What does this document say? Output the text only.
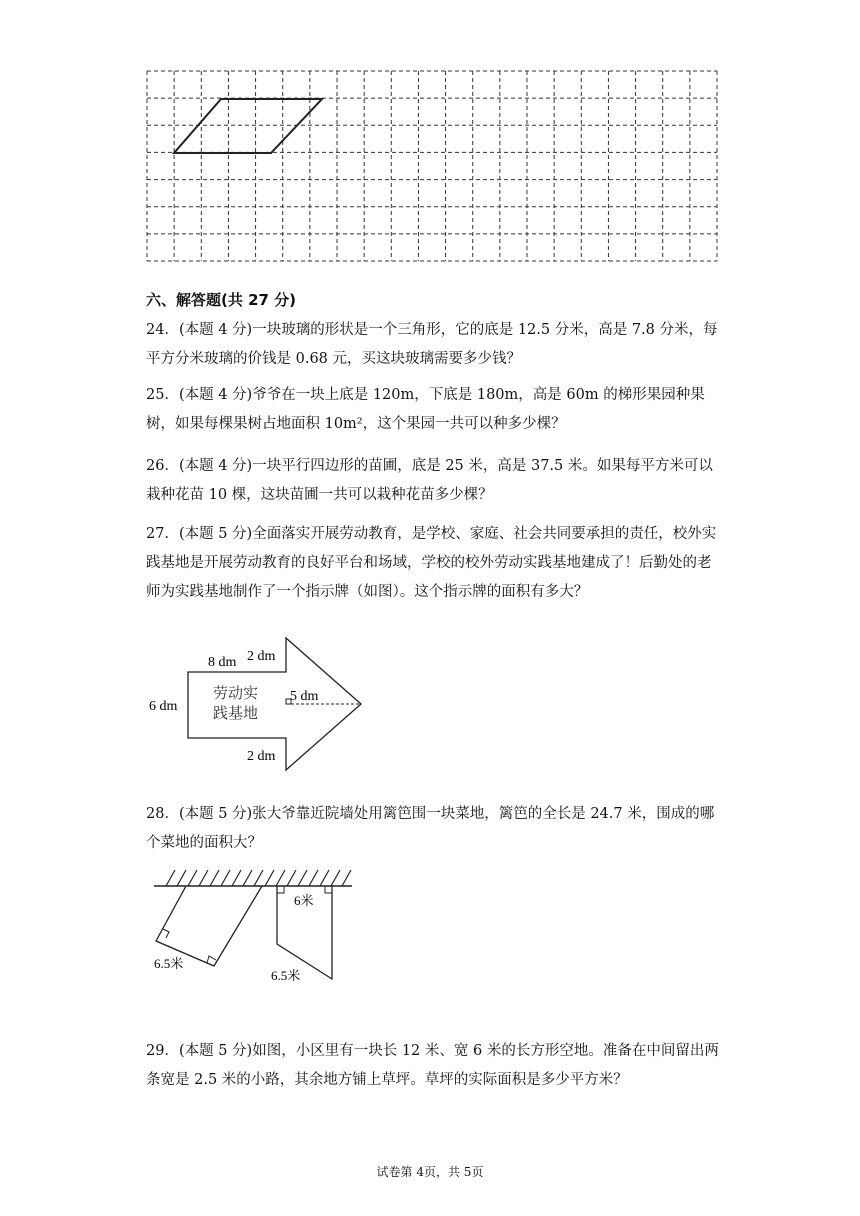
六、解答题(共 27 分)
24．(本题 4 分)一块玻璃的形状是一个三角形，它的底是 12.5 分米，高是 7.8 分米，每平方分米玻璃的价钱是 0.68 元，买这块玻璃需要多少钱？
25．(本题 4 分)爷爷在一块上底是 120m，下底是 180m，高是 60m 的梯形果园种果树，如果每棵果树占地面积 10m²，这个果园一共可以种多少棵？
26．(本题 4 分)一块平行四边形的苗圃，底是 25 米，高是 37.5 米。如果每平方米可以栽种花苗 10 棵，这块苗圃一共可以栽种花苗多少棵？
27．(本题 5 分)全面落实开展劳动教育，是学校、家庭、社会共同要承担的责任，校外实践基地是开展劳动教育的良好平台和场域，学校的校外劳动实践基地建成了！后勤处的老师为实践基地制作了一个指示牌（如图）。这个指示牌的面积有多大？
8 dm 2 dm
6 dm
5 dm
2 dm
劳动实
践基地
28．(本题 5 分)张大爷靠近院墙处用篱笆围一块菜地，篱笆的全长是 24.7 米，围成的哪个菜地的面积大？
6.5米
6米
6.5米
29．(本题 5 分)如图，小区里有一块长 12 米、宽 6 米的长方形空地。准备在中间留出两条宽是 2.5 米的小路，其余地方铺上草坪。草坪的实际面积是多少平方米？
试卷第 4页，共 5页
